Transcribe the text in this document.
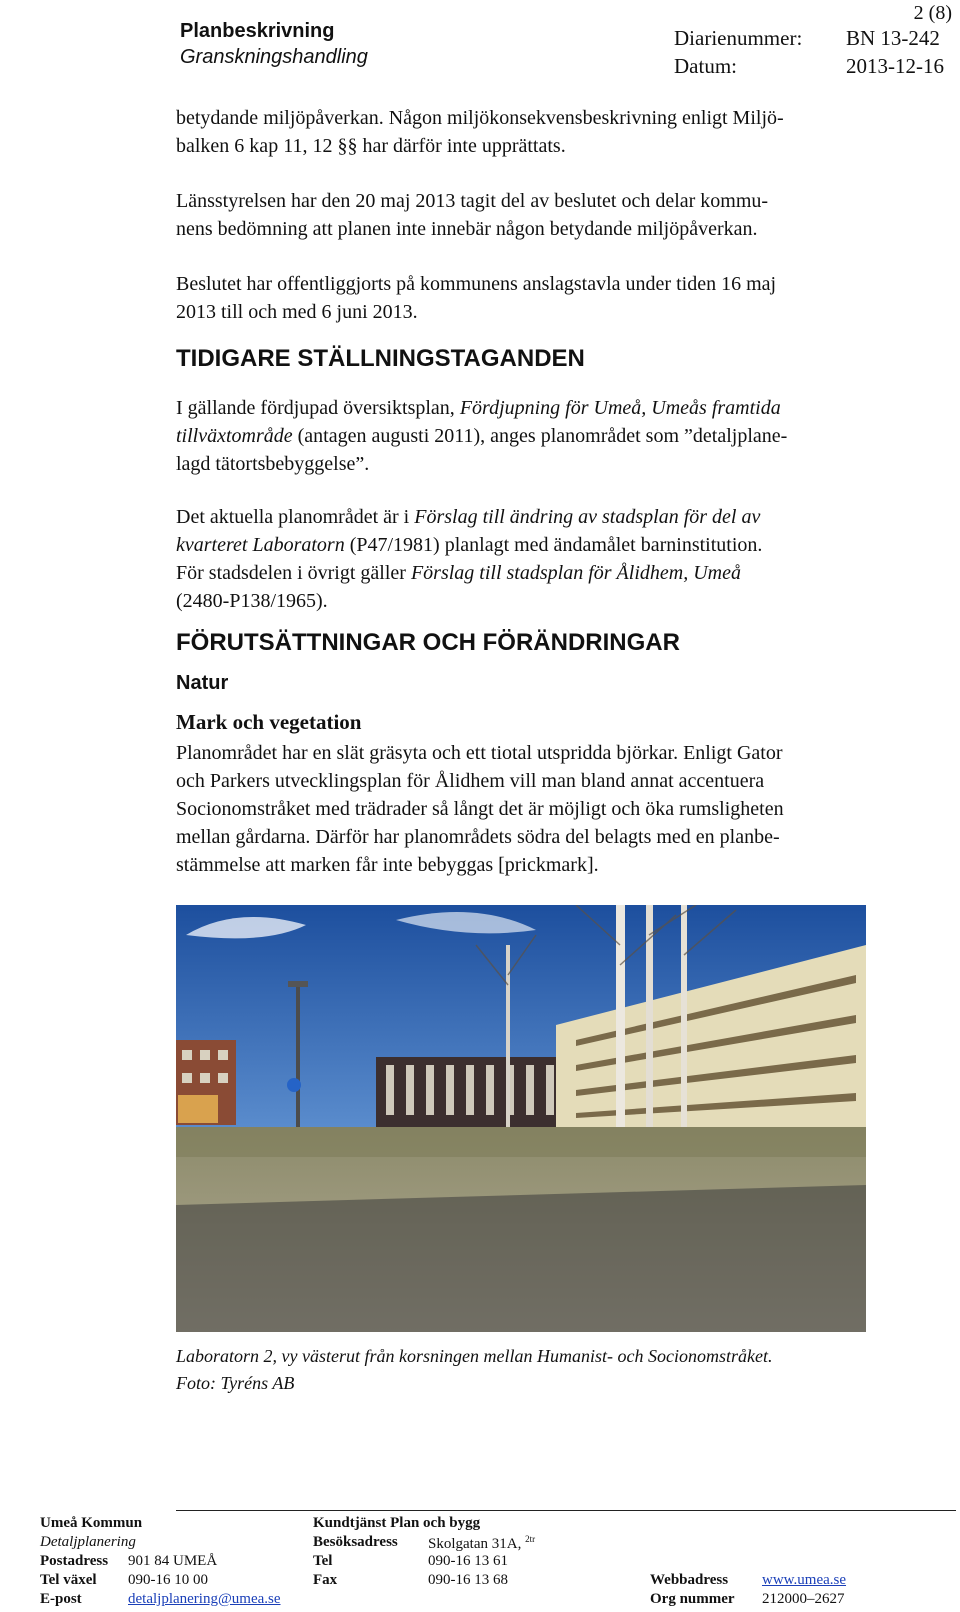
Planbeskrivning
Granskningshandling
2 (8)
Diarienummer: BN 13-242
Datum:	2013-12-16

betydande miljöpåverkan. Någon miljökonsekvensbeskrivning enligt Miljö-

balken 6 kap 11, 12 §§ har därför inte upprättats.

Länsstyrelsen har den 20 maj 2013 tagit del av beslutet och delar kommu-

nens bedömning att planen inte innebär någon betydande miljöpåverkan.

Beslutet har offentliggjorts på kommunens anslagstavla under tiden 16 maj

2013 till och med 6 juni 2013.

TIDIGARE STÄLLNINGSTAGANDEN

I gällande fördjupad översiktsplan, Fördjupning för Umeå, Umeås framtida

tillväxtområde (antagen augusti 2011), anges planområdet som ”detaljplane-

lagd tätortsbebyggelse”.

Det aktuella planområdet är i Förslag till ändring av stadsplan för del av

kvarteret Laboratorn (P47/1981) planlagt med ändamålet barninstitution.

För stadsdelen i övrigt gäller Förslag till stadsplan för Ålidhem, Umeå

(2480-P138/1965).

FÖRUTSÄTTNINGAR OCH FÖRÄNDRINGAR
Natur
Mark och vegetation

Planområdet har en slät gräsyta och ett tiotal utspridda björkar. Enligt Gator

och Parkers utvecklingsplan för Ålidhem vill man bland annat accentuera

Socionomstråket med trädrader så långt det är möjligt och öka rumsligheten

mellan gårdarna. Därför har planområdets södra del belagts med en planbe-

stämmelse att marken får inte bebyggas [prickmark].

Laboratorn 2, vy västerut från korsningen mellan Humanist- och Socionomstråket.
Foto: Tyréns AB
Umeå Kommun
Detaljplanering
Postadress 901 84 UMEÅ
Tel växel 090-16 10 00
E-post	detaljplanering@umea.se
Kundtjänst Plan och bygg
Besöksadress Skolgatan 31A, $^{2tr}$
Tel	090-16 13 61
Fax	090-16 13 68	Webbadress www.umea.se
Org nummer 212000–2627
